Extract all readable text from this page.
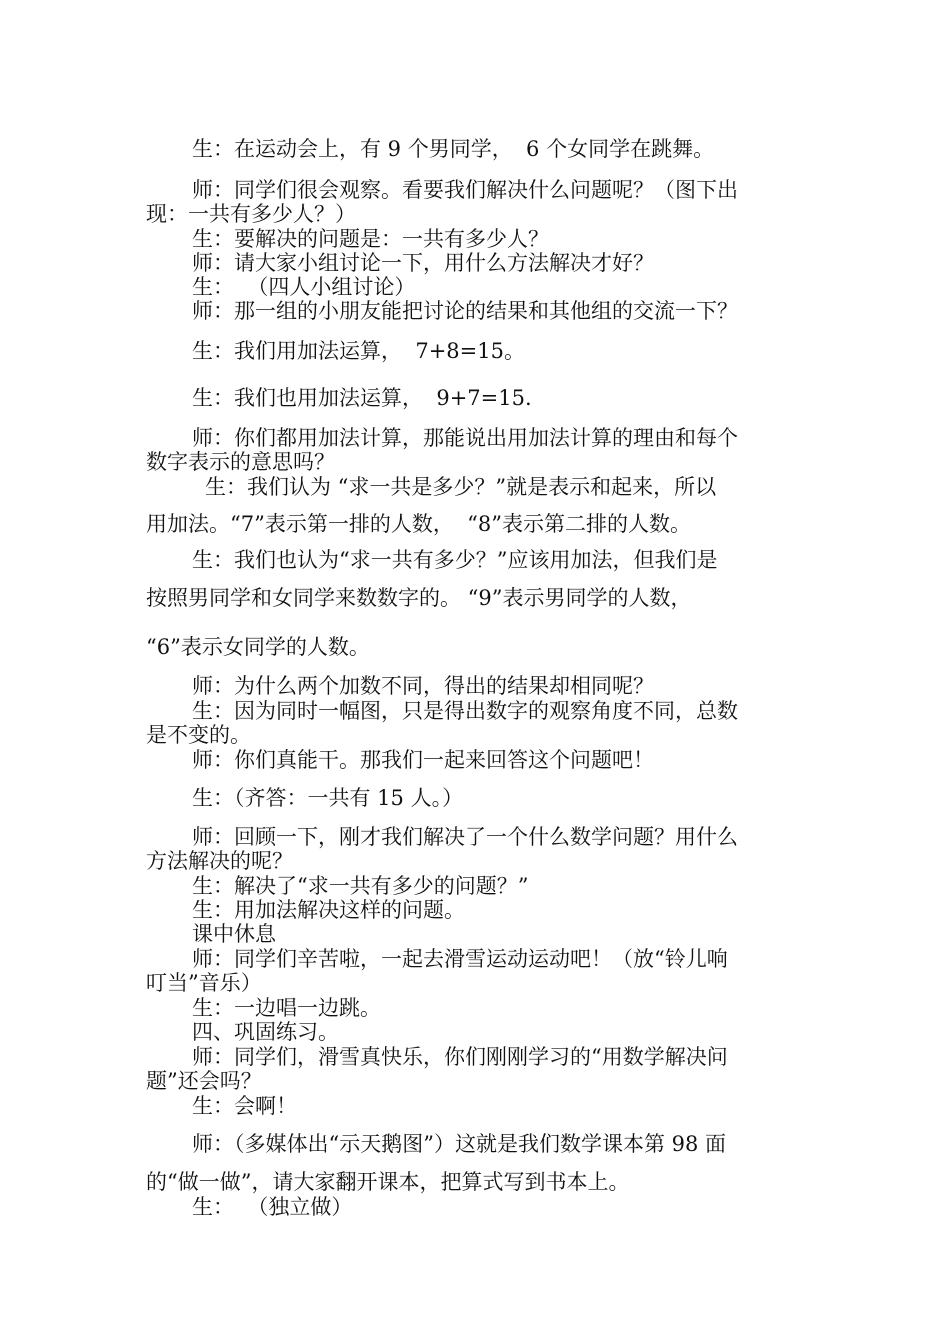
生：在运动会上，有 9 个男同学，  6 个女同学在跳舞。
师：同学们很会观察。看要我们解决什么问题呢？（图下出
现：一共有多少人？）
生：要解决的问题是：一共有多少人？
师：请大家小组讨论一下，用什么方法解决才好？
生：  （四人小组讨论）
师：那一组的小朋友能把讨论的结果和其他组的交流一下？
生：我们用加法运算，  7+8=15。
生：我们也用加法运算，  9+7=15.
师：你们都用加法计算，那能说出用加法计算的理由和每个
数字表示的意思吗？
生：我们认为 “求一共是多少？”就是表示和起来，所以
用加法。“7”表示第一排的人数，  “8”表示第二排的人数。
生：我们也认为“求一共有多少？”应该用加法，但我们是
按照男同学和女同学来数数字的。 “9”表示男同学的人数，
“6”表示女同学的人数。
师：为什么两个加数不同，得出的结果却相同呢？
生：因为同时一幅图，只是得出数字的观察角度不同，总数
是不变的。
师：你们真能干。那我们一起来回答这个问题吧！
生：（齐答：一共有 15 人。）
师：回顾一下，刚才我们解决了一个什么数学问题？用什么
方法解决的呢？
生：解决了“求一共有多少的问题？”
生：用加法解决这样的问题。
课中休息
师：同学们辛苦啦，一起去滑雪运动运动吧！（放“铃儿响
叮当”音乐）
生：一边唱一边跳。
四、巩固练习。
师：同学们，滑雪真快乐，你们刚刚学习的“用数学解决问
题”还会吗？
生：会啊！
师：（多媒体出“示天鹅图”）这就是我们数学课本第 98 面
的“做一做”，请大家翻开课本，把算式写到书本上。
生：  （独立做）
